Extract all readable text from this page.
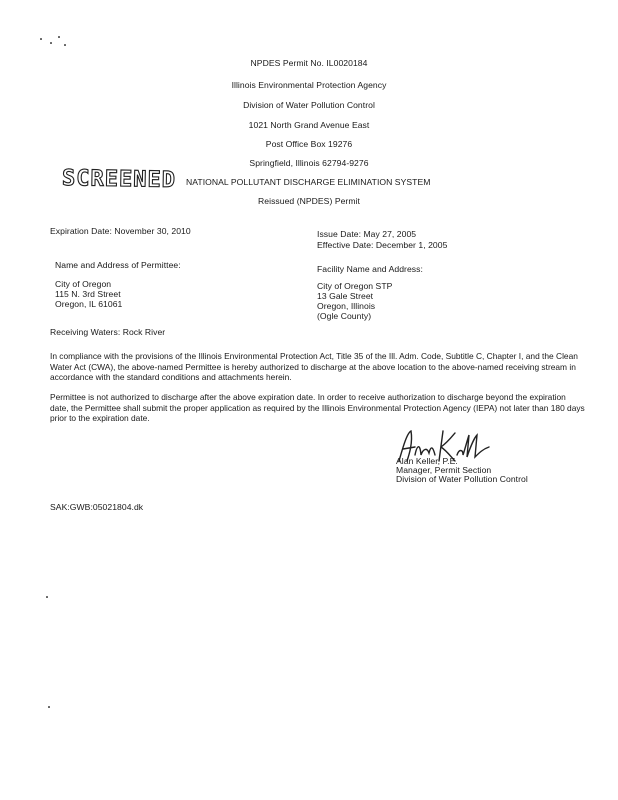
NPDES Permit No. IL0020184
Illinois Environmental Protection Agency
Division of Water Pollution Control
1021 North Grand Avenue East
Post Office Box 19276
Springfield, Illinois 62794-9276
SCREENED NATIONAL POLLUTANT DISCHARGE ELIMINATION SYSTEM
Reissued (NPDES) Permit
Expiration Date: November 30, 2010	Issue Date: May 27, 2005
Effective Date: December 1, 2005
Name and Address of Permittee:
City of Oregon
115 N. 3rd Street
Oregon, IL 61061
Facility Name and Address:
City of Oregon STP
13 Gale Street
Oregon, Illinois
(Ogle County)
Receiving Waters: Rock River
In compliance with the provisions of the Illinois Environmental Protection Act, Title 35 of the Ill. Adm. Code, Subtitle C, Chapter I, and the Clean Water Act (CWA), the above-named Permittee is hereby authorized to discharge at the above location to the above-named receiving stream in accordance with the standard conditions and attachments herein.
Permittee is not authorized to discharge after the above expiration date. In order to receive authorization to discharge beyond the expiration date, the Permittee shall submit the proper application as required by the Illinois Environmental Protection Agency (IEPA) not later than 180 days prior to the expiration date.
Alan Keller, P.E.
Manager, Permit Section
Division of Water Pollution Control
SAK:GWB:05021804.dk
